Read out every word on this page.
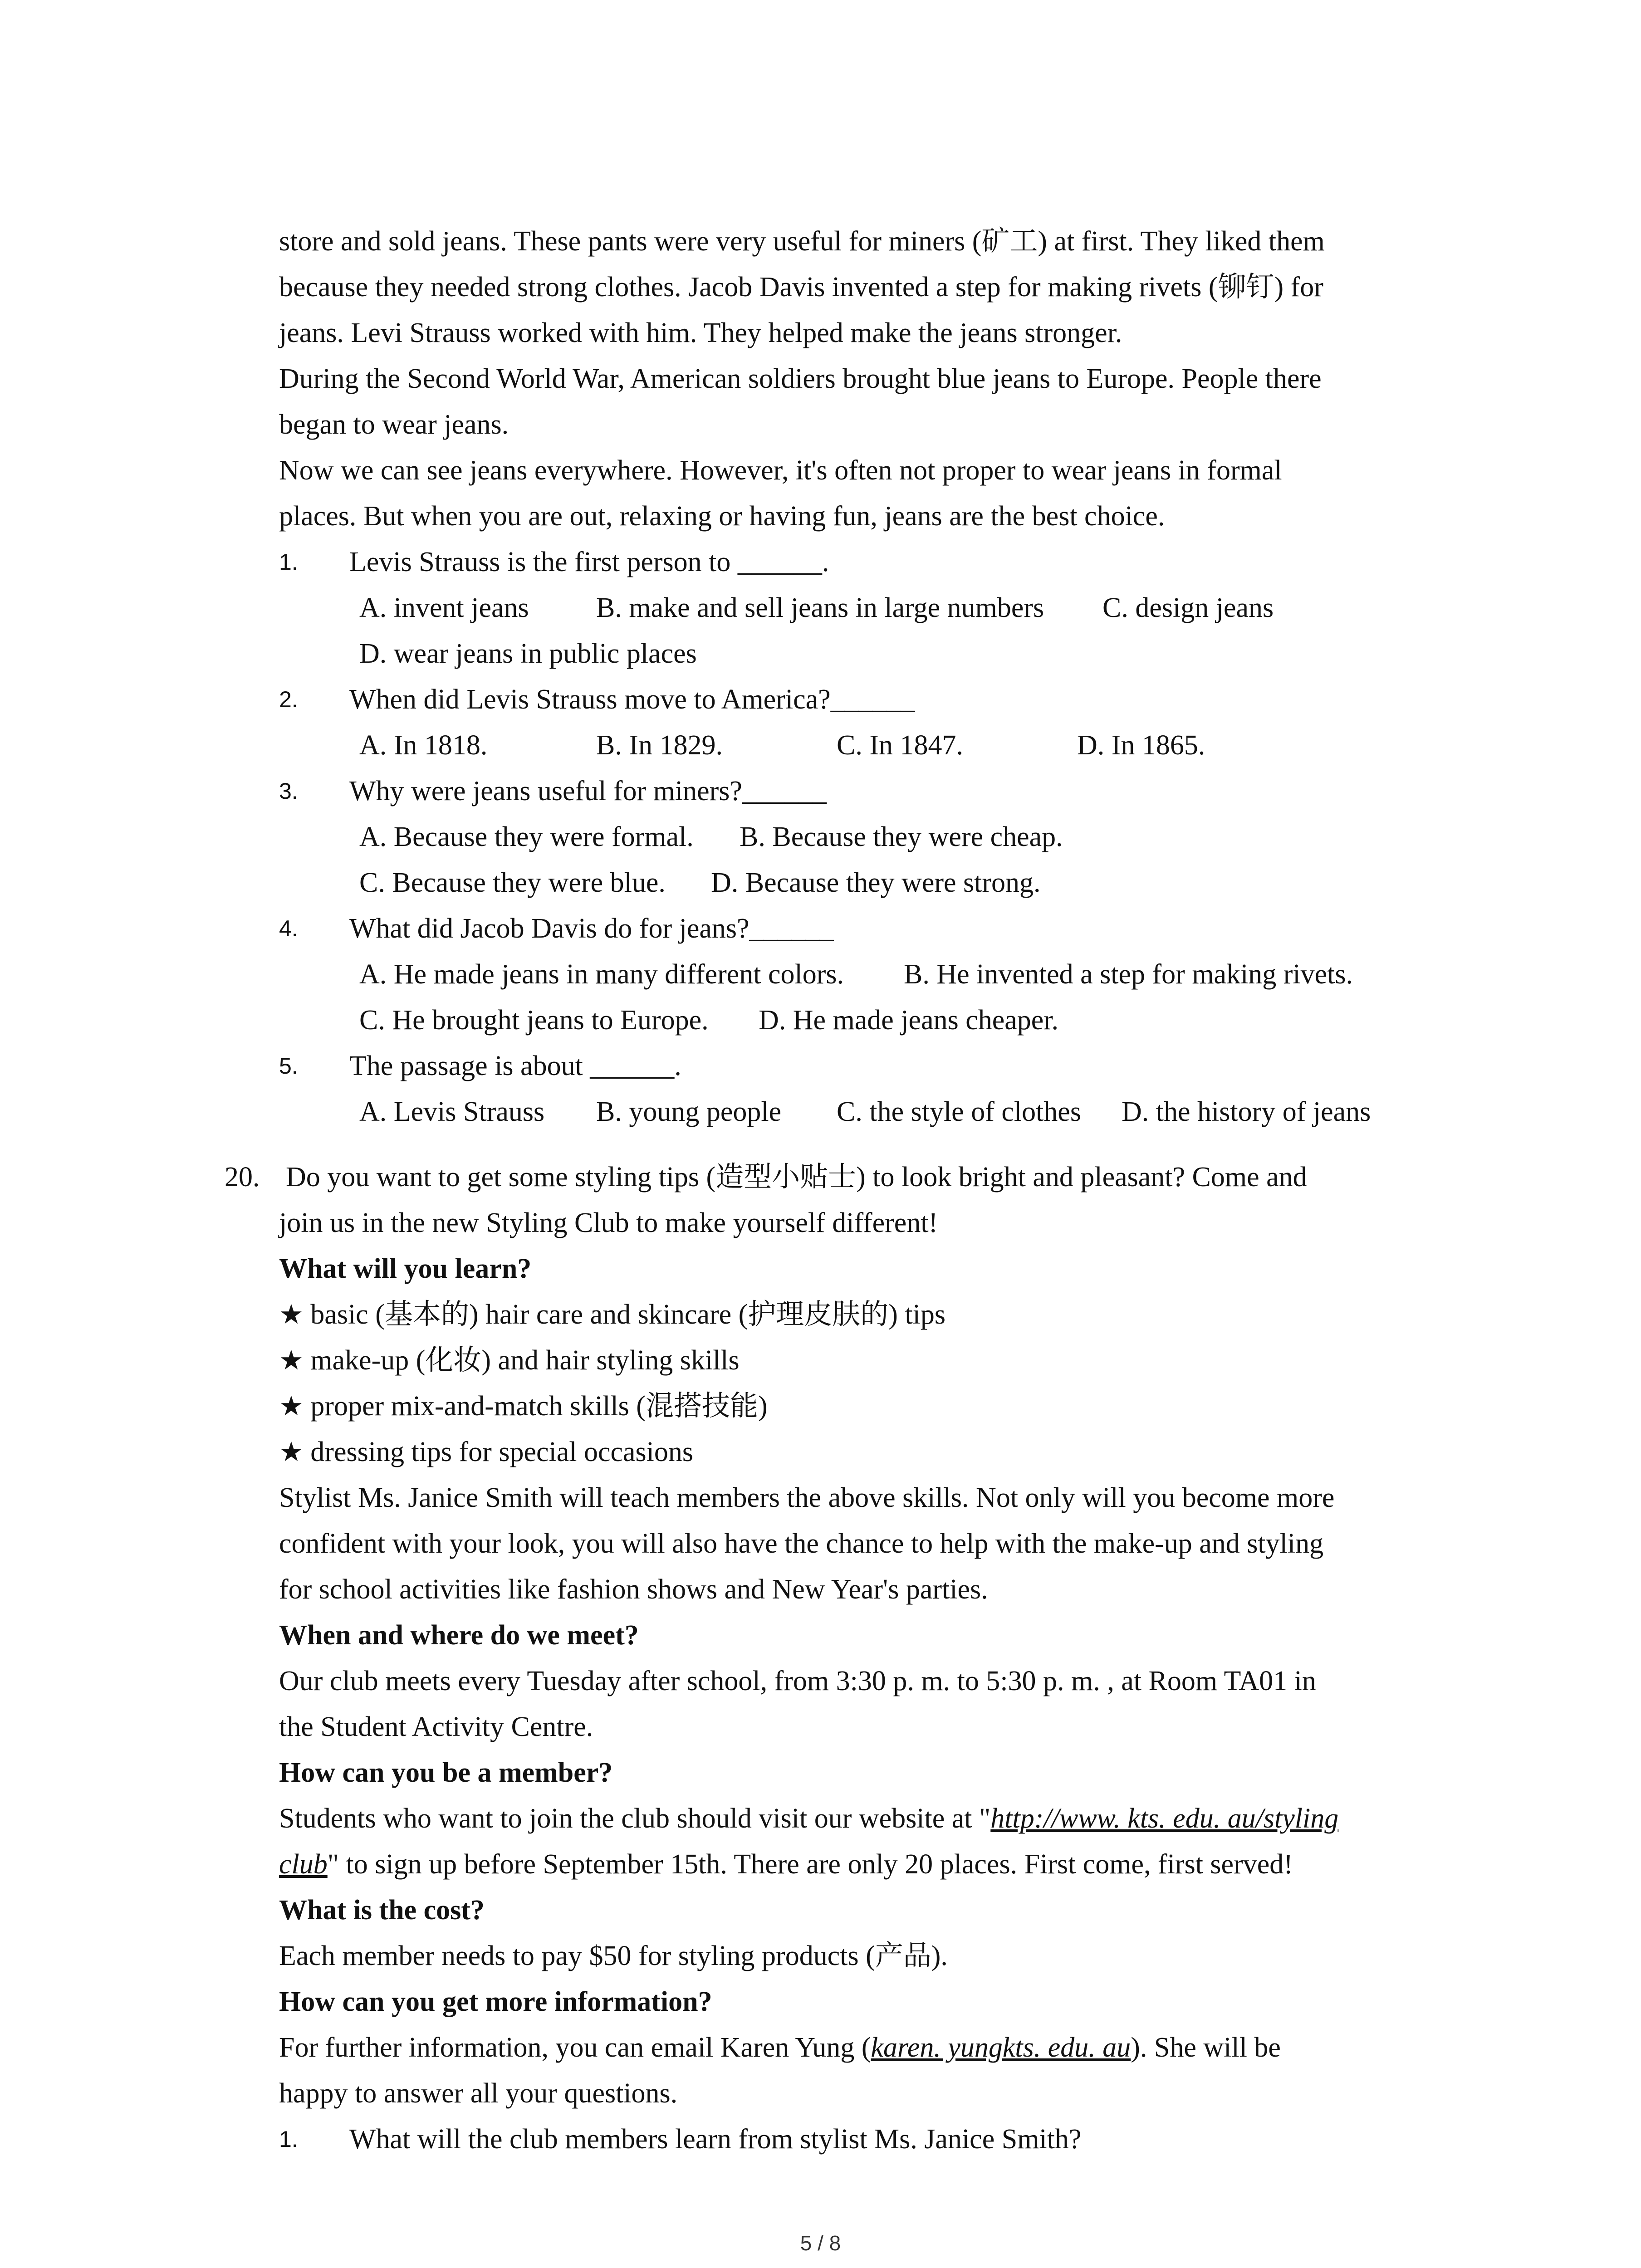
store and sold jeans. These pants were very useful for miners (矿工) at first. They liked them
because they needed strong clothes. Jacob Davis invented a step for making rivets (铆钉) for
jeans. Levi Strauss worked with him. They helped make the jeans stronger.
During the Second World War, American soldiers brought blue jeans to Europe. People there
began to wear jeans.
Now we can see jeans everywhere. However, it's often not proper to wear jeans in formal
places. But when you are out, relaxing or having fun, jeans are the best choice.
1. Levis Strauss is the first person to ______.
A. invent jeans B. make and sell jeans in large numbers C. design jeans
D. wear jeans in public places
2. When did Levis Strauss move to America?______
A. In 1818.	B. In 1829.	C. In 1847.	D. In 1865.
3. Why were jeans useful for miners?______
A. Because they were formal. B. Because they were cheap.
C. Because they were blue. D. Because they were strong.
4. What did Jacob Davis do for jeans?______
A. He made jeans in many different colors. B. He invented a step for making rivets.
C. He brought jeans to Europe. D. He made jeans cheaper.
5. The passage is about ______.
A. Levis Strauss B. young people C. the style of clothes D. the history of jeans
20. Do you want to get some styling tips (造型小贴士) to look bright and pleasant? Come and
join us in the new Styling Club to make yourself different!
What will you learn?
★ basic (基本的) hair care and skincare (护理皮肤的) tips
★ make-up (化妆) and hair styling skills
★ proper mix-and-match skills (混搭技能)
★ dressing tips for special occasions
Stylist Ms. Janice Smith will teach members the above skills. Not only will you become more
confident with your look, you will also have the chance to help with the make-up and styling
for school activities like fashion shows and New Year's parties.
When and where do we meet?
Our club meets every Tuesday after school, from 3:30 p. m. to 5:30 p. m. , at Room TA01 in
the Student Activity Centre.
How can you be a member?
Students who want to join the club should visit our website at "http://www. kts. edu. au/styling
club" to sign up before September 15th. There are only 20 places. First come, first served!
What is the cost?
Each member needs to pay $50 for styling products (产品).
How can you get more information?
For further information, you can email Karen Yung (karen. yungkts. edu. au). She will be
happy to answer all your questions.
1. What will the club members learn from stylist Ms. Janice Smith?
5 / 8
